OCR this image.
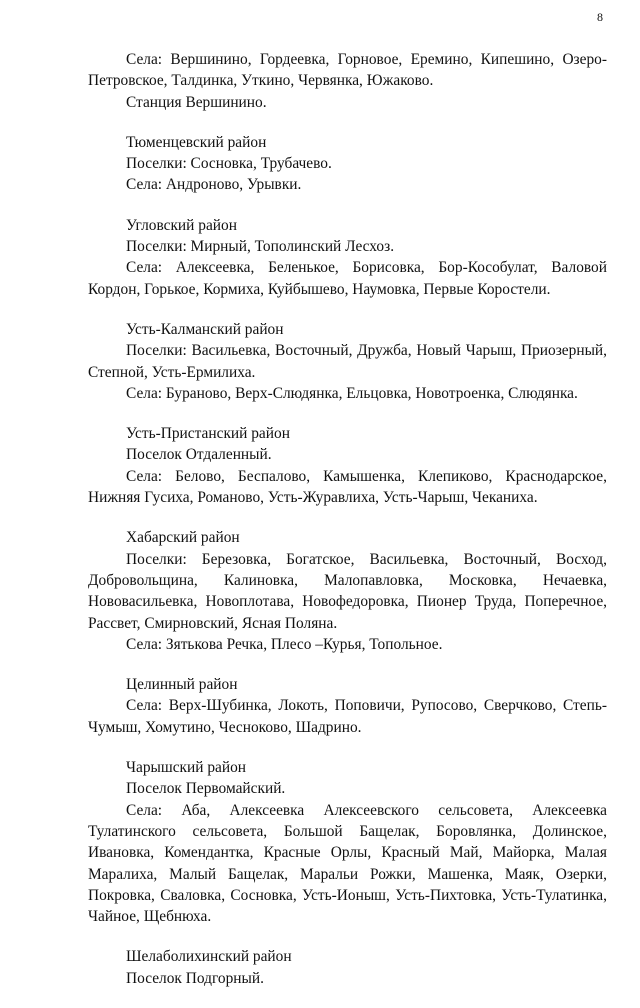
8
Села: Вершинино, Гордеевка, Горновое, Еремино, Кипешино, Озеро-Петровское, Талдинка, Уткино, Червянка, Южаково.
Станция Вершинино.
Тюменцевский район
Поселки: Сосновка, Трубачево.
Села: Андроново, Урывки.
Угловский район
Поселки: Мирный, Тополинский Лесхоз.
Села: Алексеевка, Беленькое, Борисовка, Бор-Кособулат, Валовой Кордон, Горькое, Кормиха, Куйбышево, Наумовка, Первые Коростели.
Усть-Калманский район
Поселки: Васильевка, Восточный, Дружба, Новый Чарыш, Приозерный, Степной, Усть-Ермилиха.
Села: Бураново, Верх-Слюдянка, Ельцовка, Новотроенка, Слюдянка.
Усть-Пристанский район
Поселок Отдаленный.
Села: Белово, Беспалово, Камышенка, Клепиково, Краснодарское, Нижняя Гусиха, Романово, Усть-Журавлиха, Усть-Чарыш, Чеканиха.
Хабарский район
Поселки: Березовка, Богатское, Васильевка, Восточный, Восход, Добровольщина, Калиновка, Малопавловка, Московка, Нечаевка, Нововасильевка, Новоплотава, Новофедоровка, Пионер Труда, Поперечное, Рассвет, Смирновский, Ясная Поляна.
Села: Зятькова Речка, Плесо –Курья, Топольное.
Целинный район
Села: Верх-Шубинка, Локоть, Поповичи, Рупосово, Сверчково, Степь-Чумыш, Хомутино, Чесноково, Шадрино.
Чарышский район
Поселок Первомайский.
Села: Аба, Алексеевка Алексеевского сельсовета, Алексеевка Тулатинского сельсовета, Большой Бащелак, Боровлянка, Долинское, Ивановка, Комендантка, Красные Орлы, Красный Май, Майорка, Малая Маралиха, Малый Бащелак, Маральи Рожки, Машенка, Маяк, Озерки, Покровка, Сваловка, Сосновка, Усть-Ионыш, Усть-Пихтовка, Усть-Тулатинка, Чайное, Щебнюха.
Шелаболихинский район
Поселок Подгорный.
